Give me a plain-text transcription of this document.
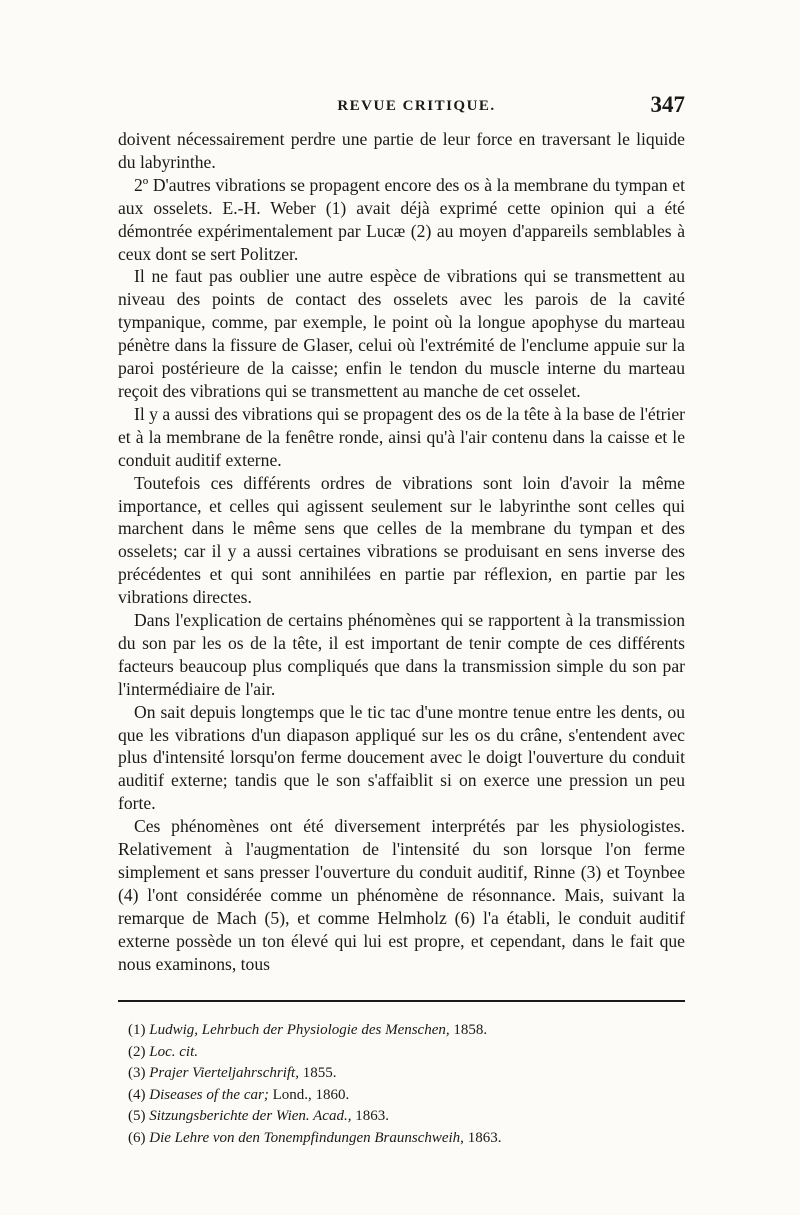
REVUE CRITIQUE.	347

doivent nécessairement perdre une partie de leur force en traversant le liquide du labyrinthe.

2º D'autres vibrations se propagent encore des os à la membrane du tympan et aux osselets. E.-H. Weber (1) avait déjà exprimé cette opinion qui a été démontrée expérimentalement par Lucæ (2) au moyen d'appareils semblables à ceux dont se sert Politzer.

Il ne faut pas oublier une autre espèce de vibrations qui se transmettent au niveau des points de contact des osselets avec les parois de la cavité tympanique, comme, par exemple, le point où la longue apophyse du marteau pénètre dans la fissure de Glaser, celui où l'extrémité de l'enclume appuie sur la paroi postérieure de la caisse; enfin le tendon du muscle interne du marteau reçoit des vibrations qui se transmettent au manche de cet osselet.

Il y a aussi des vibrations qui se propagent des os de la tête à la base de l'étrier et à la membrane de la fenêtre ronde, ainsi qu'à l'air contenu dans la caisse et le conduit auditif externe.

Toutefois ces différents ordres de vibrations sont loin d'avoir la même importance, et celles qui agissent seulement sur le labyrinthe sont celles qui marchent dans le même sens que celles de la membrane du tympan et des osselets; car il y a aussi certaines vibrations se produisant en sens inverse des précédentes et qui sont annihilées en partie par réflexion, en partie par les vibrations directes.

Dans l'explication de certains phénomènes qui se rapportent à la transmission du son par les os de la tête, il est important de tenir compte de ces différents facteurs beaucoup plus compliqués que dans la transmission simple du son par l'intermédiaire de l'air.

On sait depuis longtemps que le tic tac d'une montre tenue entre les dents, ou que les vibrations d'un diapason appliqué sur les os du crâne, s'entendent avec plus d'intensité lorsqu'on ferme doucement avec le doigt l'ouverture du conduit auditif externe; tandis que le son s'affaiblit si on exerce une pression un peu forte.

Ces phénomènes ont été diversement interprétés par les physiologistes. Relativement à l'augmentation de l'intensité du son lorsque l'on ferme simplement et sans presser l'ouverture du conduit auditif, Rinne (3) et Toynbee (4) l'ont considérée comme un phénomène de résonnance. Mais, suivant la remarque de Mach (5), et comme Helmholz (6) l'a établi, le conduit auditif externe possède un ton élevé qui lui est propre, et cependant, dans le fait que nous examinons, tous

(1) Ludwig, Lehrbuch der Physiologie des Menschen, 1858.
(2) Loc. cit.
(3) Prajer Vierteljahrschrift, 1855.
(4) Diseases of the car; Lond., 1860.
(5) Sitzungsberichte der Wien. Acad., 1863.
(6) Die Lehre von den Tonempfindungen Braunschweih, 1863.
